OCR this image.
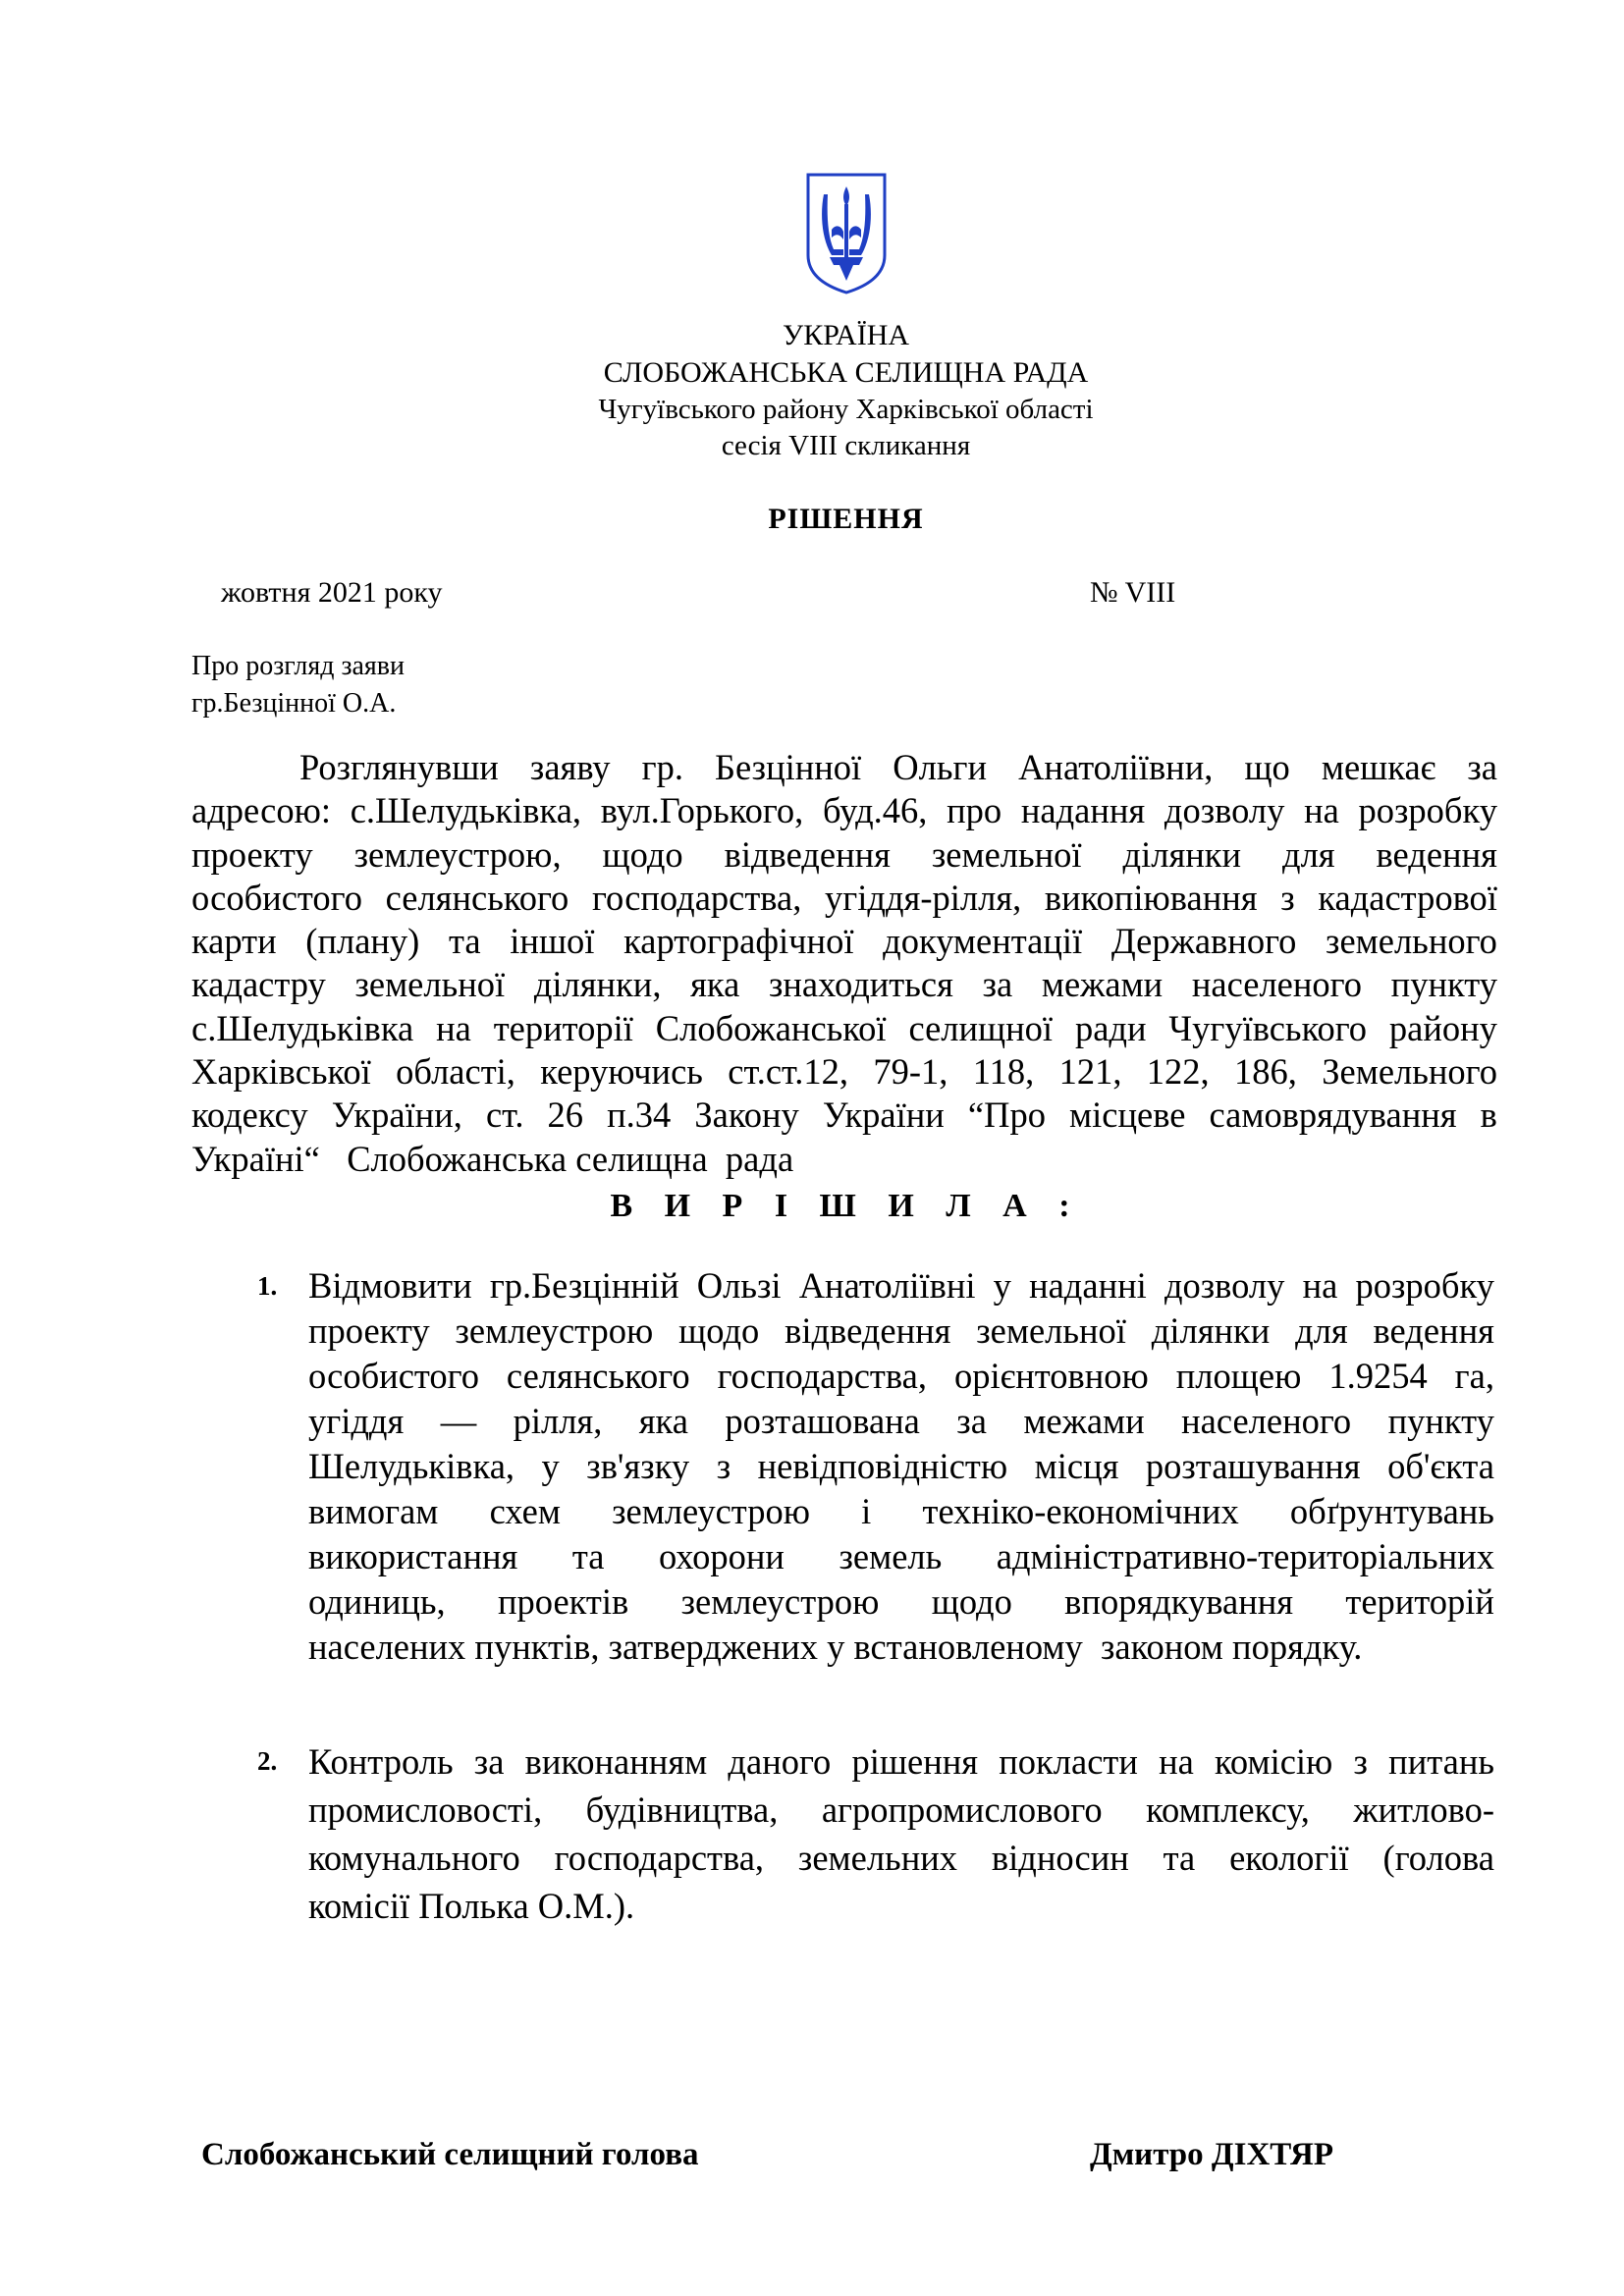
УКРАЇНА
СЛОБОЖАНСЬКА СЕЛИЩНА РАДА
Чугуївського району Харківської області
сесія VIII скликання
РІШЕННЯ
жовтня 2021 року	№ VIII
Про розгляд заяви
гр.Безцінної О.А.
Розглянувши заяву гр. Безцінної Ольги Анатоліївни, що мешкає за
адресою: с.Шелудьківка, вул.Горького, буд.46, про надання дозволу на розробку
проекту землеустрою, щодо відведення земельної ділянки для ведення
особистого селянського господарства, угіддя-рілля, викопіювання з кадастрової
карти (плану) та іншої картографічної документації Державного земельного
кадастру земельної ділянки, яка знаходиться за межами населеного пункту
с.Шелудьківка на території Слобожанської селищної ради Чугуївського району
Харківської області, керуючись ст.ст.12, 79-1, 118, 121, 122, 186, Земельного
кодексу України, ст. 26 п.34 Закону України “Про місцеве самоврядування в
Україні“   Слобожанська селищна  рада
В И Р І Ш И Л А :
1. Відмовити гр.Безцінній Ользі Анатоліївні у наданні дозволу на розробку
проекту землеустрою щодо відведення земельної ділянки для ведення
особистого селянського господарства, орієнтовною площею 1.9254 га,
угіддя — рілля, яка розташована за межами населеного пункту
Шелудьківка, у зв'язку з невідповідністю місця розташування об'єкта
вимогам схем землеустрою і техніко-економічних обґрунтувань
використання та охорони земель адміністративно-територіальних
одиниць, проектів землеустрою щодо впорядкування територій
населених пунктів, затверджених у встановленому  законом порядку.
2. Контроль за виконанням даного рішення покласти на комісію з питань
промисловості, будівництва, агропромислового комплексу, житлово-
комунального господарства, земельних відносин та екології (голова
комісії Полька О.М.).
Слобожанський селищний голова	Дмитро ДІХТЯР
